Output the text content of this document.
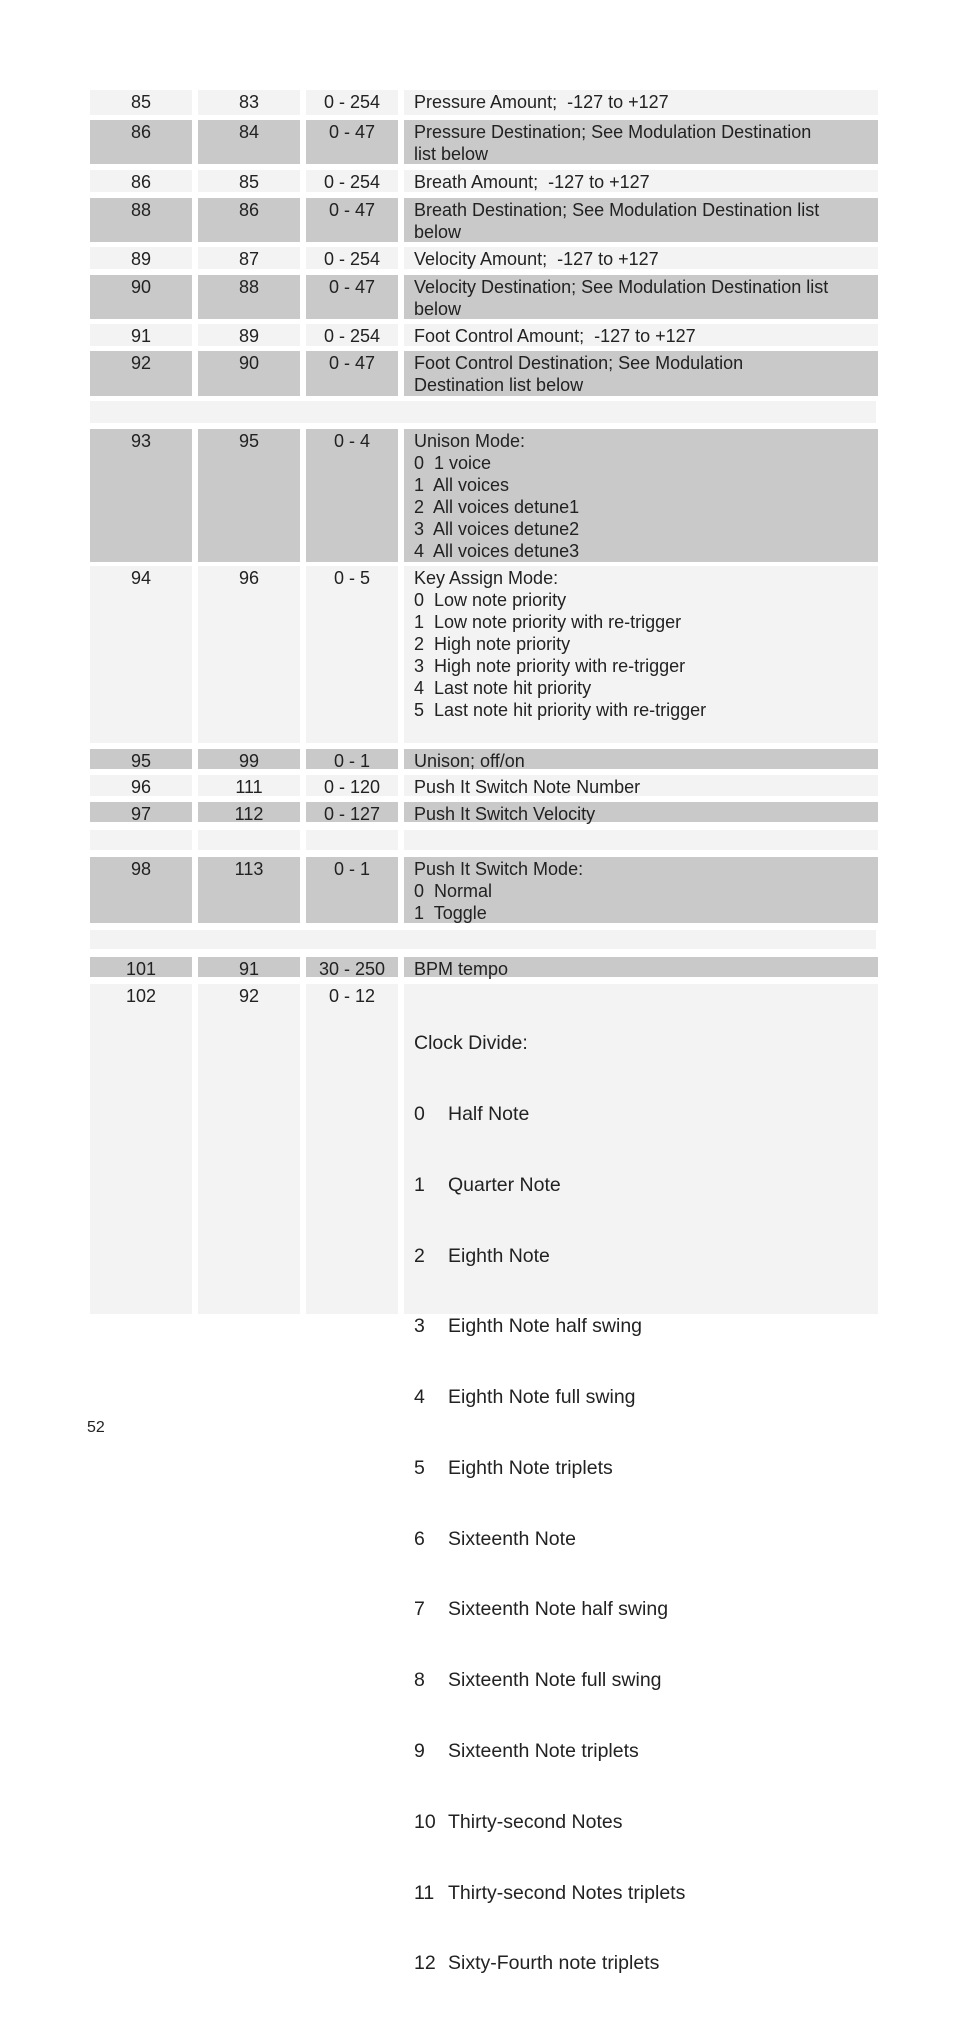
85	83	0 - 254	Pressure Amount;  -127 to +127
86	84	0 - 47	Pressure Destination; See Modulation Destination
list below
86	85	0 - 254	Breath Amount;  -127 to +127
88	86	0 - 47	Breath Destination; See Modulation Destination list
below
89	87	0 - 254	Velocity Amount;  -127 to +127
90	88	0 - 47	Velocity Destination; See Modulation Destination list
below
91	89	0 - 254	Foot Control Amount;  -127 to +127
92	90	0 - 47	Foot Control Destination; See Modulation
Destination list below
93	95	0 - 4	Unison Mode:
0  1 voice
1  All voices
2  All voices detune1
3  All voices detune2
4  All voices detune3
94	96	0 - 5	Key Assign Mode:
0  Low note priority
1  Low note priority with re-trigger
2  High note priority
3  High note priority with re-trigger
4  Last note hit priority
5  Last note hit priority with re-trigger
95	99	0 - 1	Unison; off/on
96	111	0 - 120	Push It Switch Note Number
97	112	0 - 127	Push It Switch Velocity
98	113	0 - 1	Push It Switch Mode:
0  Normal
1  Toggle
101	91	30 - 250	BPM tempo
102	92	0 - 12

Clock Divide:

0 Half Note

1 Quarter Note

2 Eighth Note

3 Eighth Note half swing

4 Eighth Note full swing

5 Eighth Note triplets

6 Sixteenth Note

7 Sixteenth Note half swing

8 Sixteenth Note full swing

9 Sixteenth Note triplets

10 Thirty-second Notes

11 Thirty-second Notes triplets

12 Sixty-Fourth note triplets

52
